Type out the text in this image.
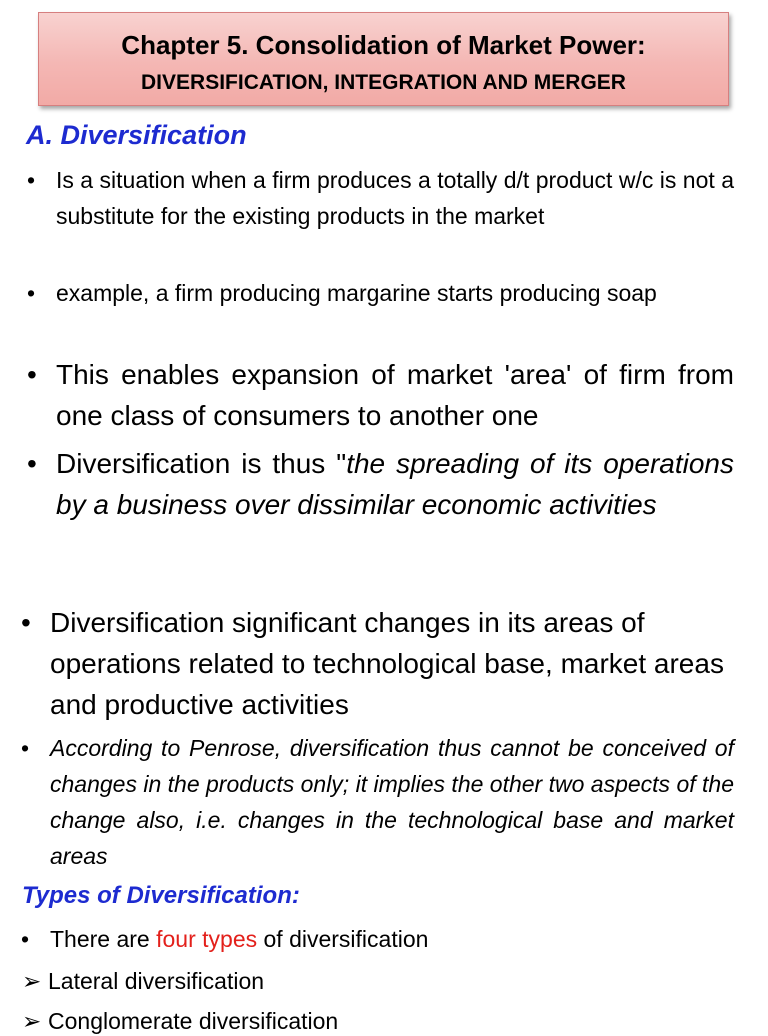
Chapter 5. Consolidation of Market Power:
DIVERSIFICATION, INTEGRATION AND MERGER
A. Diversification

• Is a situation when a firm produces a totally d/t product w/c is not a substitute for the existing products in the market

• example, a firm producing margarine starts producing soap

• This enables expansion of market 'area' of firm from one class of consumers to another one

• Diversification is thus "the spreading of its operations by a business over dissimilar economic activities

• Diversification significant changes in its areas of operations related to technological base, market areas and productive activities

• According to Penrose, diversification thus cannot be conceived of changes in the products only; it implies the other two aspects of the change also, i.e. changes in the technological base and market areas

Types of Diversification:

• There are four types of diversification

➢ Lateral diversification
➢ Conglomerate diversification
